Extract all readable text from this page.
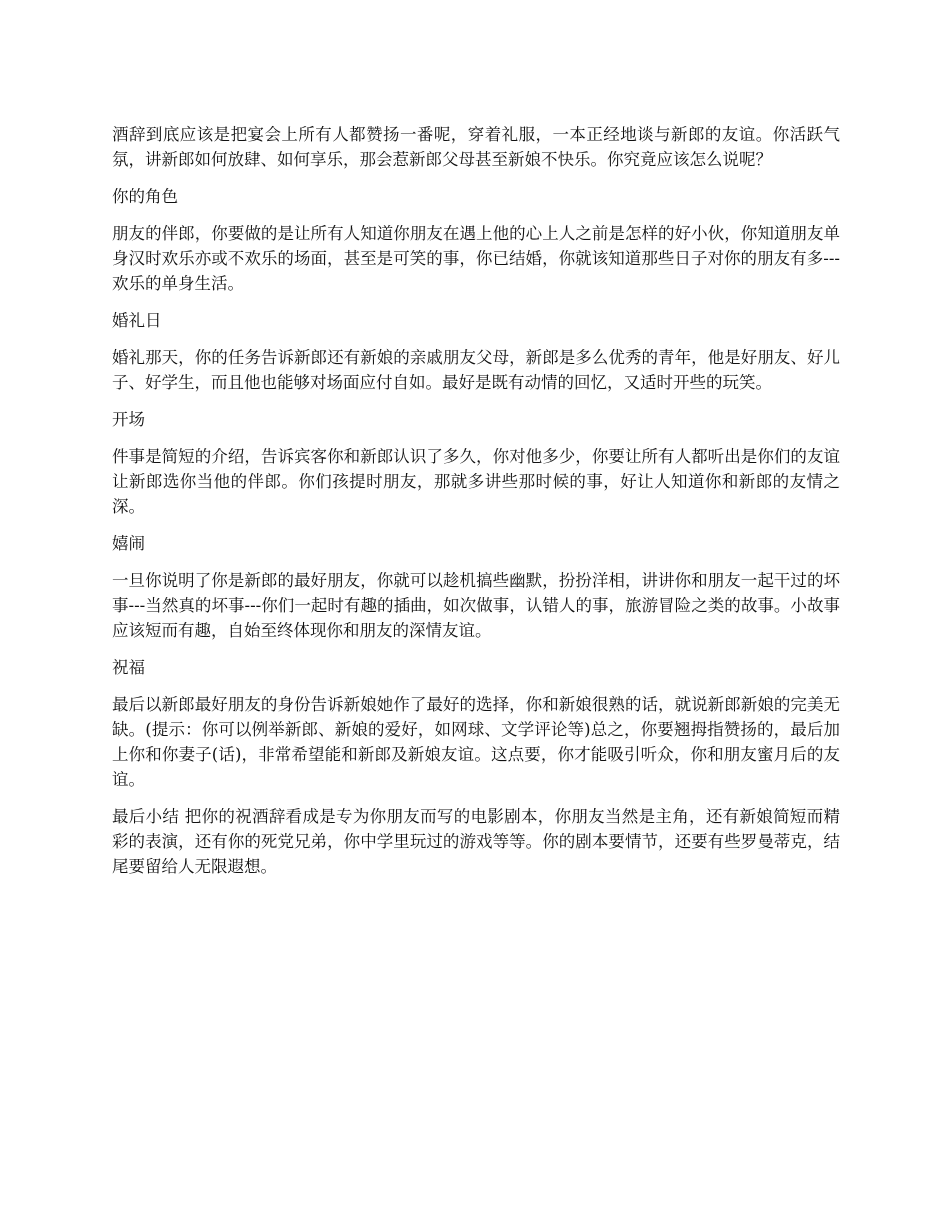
酒辞到底应该是把宴会上所有人都赞扬一番呢，穿着礼服，一本正经地谈与新郎的友谊。你活跃气氛，讲新郎如何放肆、如何享乐，那会惹新郎父母甚至新娘不快乐。你究竟应该怎么说呢？

你的角色

朋友的伴郎，你要做的是让所有人知道你朋友在遇上他的心上人之前是怎样的好小伙，你知道朋友单身汉时欢乐亦或不欢乐的场面，甚至是可笑的事，你已结婚，你就该知道那些日子对你的朋友有多---欢乐的单身生活。

婚礼日

婚礼那天，你的任务告诉新郎还有新娘的亲戚朋友父母，新郎是多么优秀的青年，他是好朋友、好儿子、好学生，而且他也能够对场面应付自如。最好是既有动情的回忆，又适时开些的玩笑。

开场

件事是简短的介绍，告诉宾客你和新郎认识了多久，你对他多少，你要让所有人都听出是你们的友谊让新郎选你当他的伴郎。你们孩提时朋友，那就多讲些那时候的事，好让人知道你和新郎的友情之深。

嬉闹

一旦你说明了你是新郎的最好朋友，你就可以趁机搞些幽默，扮扮洋相，讲讲你和朋友一起干过的坏事---当然真的坏事---你们一起时有趣的插曲，如次做事，认错人的事，旅游冒险之类的故事。小故事应该短而有趣，自始至终体现你和朋友的深情友谊。

祝福

最后以新郎最好朋友的身份告诉新娘她作了最好的选择，你和新娘很熟的话，就说新郎新娘的完美无缺。(提示：你可以例举新郎、新娘的爱好，如网球、文学评论等)总之，你要翘拇指赞扬的，最后加上你和你妻子(话)，非常希望能和新郎及新娘友谊。这点要，你才能吸引听众，你和朋友蜜月后的友谊。

最后小结 把你的祝酒辞看成是专为你朋友而写的电影剧本，你朋友当然是主角，还有新娘简短而精彩的表演，还有你的死党兄弟，你中学里玩过的游戏等等。你的剧本要情节，还要有些罗曼蒂克，结尾要留给人无限遐想。
